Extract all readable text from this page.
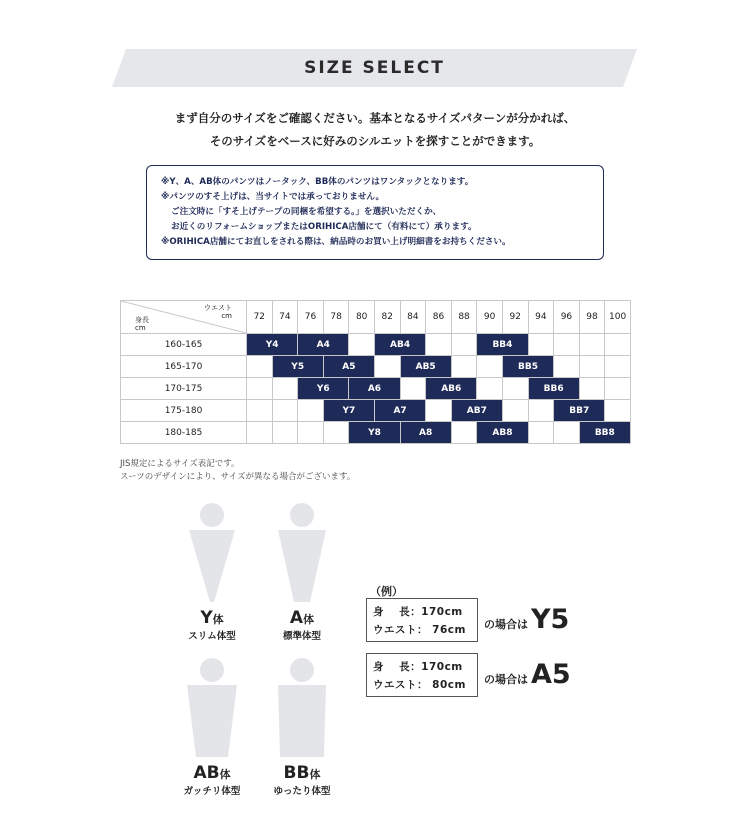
SIZE SELECT
まず自分のサイズをご確認ください。基本となるサイズパターンが分かれば、
そのサイズをベースに好みのシルエットを探すことができます。
※Y、A、AB体のパンツはノータック、BB体のパンツはワンタックとなります。
※パンツのすそ上げは、当サイトでは承っておりません。
ご注文時に「すそ上げテープの同梱を希望する。」を選択いただくか、
お近くのリフォームショップまたはORIHICA店舗にて（有料にて）承ります。
※ORIHICA店舗にてお直しをされる際は、納品時のお買い上げ明細書をお持ちください。
ウエスト
cm
身長
cm	72	74	76	78	80	82	84	86	88	90	92	94	96	98	100
160-165	Y4		A4			AB4				BB4					
165-170		Y5		A5			AB5				BB5				
170-175			Y6		A6			AB6				BB6			
175-180				Y7		A7			AB7				BB7		
180-185					Y8		A8			AB8				BB8	
JIS規定によるサイズ表記です。
スーツのデザインにより、サイズが異なる場合がございます。
Y体
スリム体型
A体
標準体型
AB体
ガッチリ体型
BB体
ゆったり体型
（例）
身　 長：170cm
ウエスト： 76cm	の場合は Y5
身　 長：170cm
ウエスト： 80cm	の場合は A5
